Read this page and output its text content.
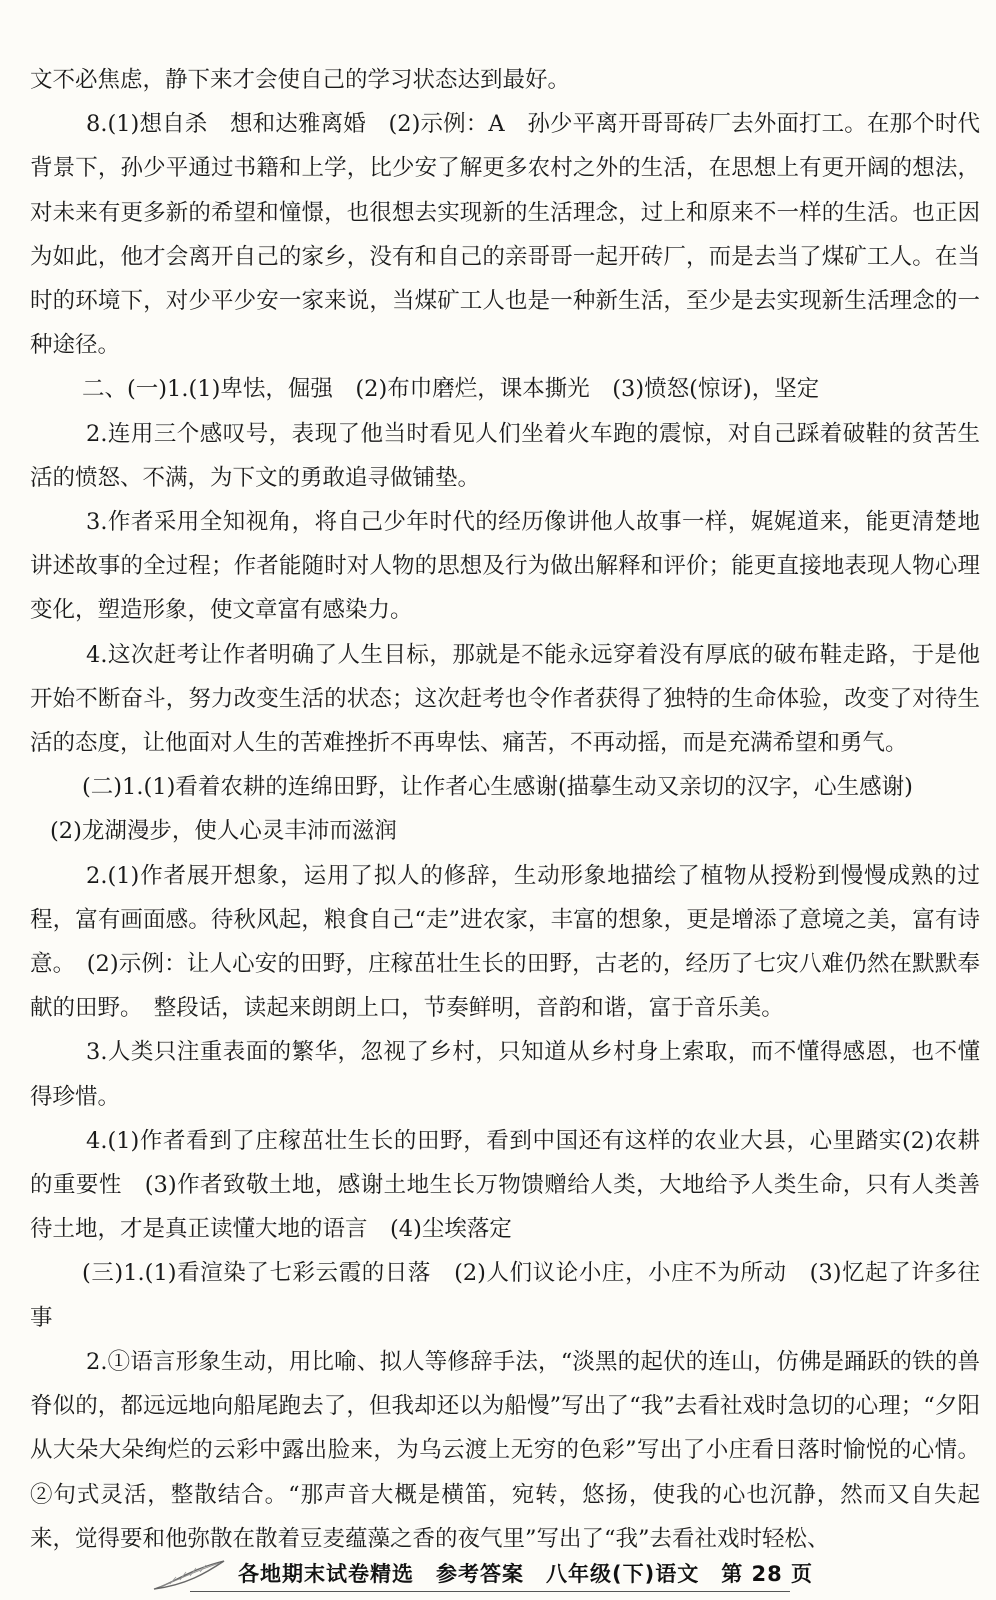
文不必焦虑，静下来才会使自己的学习状态达到最好。

8.(1)想自杀　想和达雅离婚　(2)示例：A　孙少平离开哥哥砖厂去外面打工。在那个时代背景下，孙少平通过书籍和上学，比少安了解更多农村之外的生活，在思想上有更开阔的想法，对未来有更多新的希望和憧憬，也很想去实现新的生活理念，过上和原来不一样的生活。也正因为如此，他才会离开自己的家乡，没有和自己的亲哥哥一起开砖厂，而是去当了煤矿工人。在当时的环境下，对少平少安一家来说，当煤矿工人也是一种新生活，至少是去实现新生活理念的一种途径。

二、(一)1.(1)卑怯，倔强　(2)布巾磨烂，课本撕光　(3)愤怒(惊讶)，坚定

2.连用三个感叹号，表现了他当时看见人们坐着火车跑的震惊，对自己踩着破鞋的贫苦生活的愤怒、不满，为下文的勇敢追寻做铺垫。

3.作者采用全知视角，将自己少年时代的经历像讲他人故事一样，娓娓道来，能更清楚地讲述故事的全过程；作者能随时对人物的思想及行为做出解释和评价；能更直接地表现人物心理变化，塑造形象，使文章富有感染力。

4.这次赶考让作者明确了人生目标，那就是不能永远穿着没有厚底的破布鞋走路，于是他开始不断奋斗，努力改变生活的状态；这次赶考也令作者获得了独特的生命体验，改变了对待生活的态度，让他面对人生的苦难挫折不再卑怯、痛苦，不再动摇，而是充满希望和勇气。

(二)1.(1)看着农耕的连绵田野，让作者心生感谢(描摹生动又亲切的汉字，心生感谢)

(2)龙湖漫步，使人心灵丰沛而滋润

2.(1)作者展开想象，运用了拟人的修辞，生动形象地描绘了植物从授粉到慢慢成熟的过程，富有画面感。待秋风起，粮食自己“走”进农家，丰富的想象，更是增添了意境之美，富有诗意。　(2)示例：让人心安的田野，庄稼茁壮生长的田野，古老的，经历了七灾八难仍然在默默奉献的田野。　整段话，读起来朗朗上口，节奏鲜明，音韵和谐，富于音乐美。

3.人类只注重表面的繁华，忽视了乡村，只知道从乡村身上索取，而不懂得感恩，也不懂得珍惜。

4.(1)作者看到了庄稼茁壮生长的田野，看到中国还有这样的农业大县，心里踏实(2)农耕的重要性　(3)作者致敬土地，感谢土地生长万物馈赠给人类，大地给予人类生命，只有人类善待土地，才是真正读懂大地的语言　(4)尘埃落定

(三)1.(1)看渲染了七彩云霞的日落　(2)人们议论小庄，小庄不为所动　(3)忆起了许多往事

2.①语言形象生动，用比喻、拟人等修辞手法，“淡黑的起伏的连山，仿佛是踊跃的铁的兽脊似的，都远远地向船尾跑去了，但我却还以为船慢”写出了“我”去看社戏时急切的心理；“夕阳从大朵大朵绚烂的云彩中露出脸来，为乌云渡上无穷的色彩”写出了小庄看日落时愉悦的心情。②句式灵活，整散结合。“那声音大概是横笛，宛转，悠扬，使我的心也沉静，然而又自失起来，觉得要和他弥散在散着豆麦蕴藻之香的夜气里”写出了“我”去看社戏时轻松、

各地期末试卷精选　参考答案　八年级(下)语文　第 28 页
